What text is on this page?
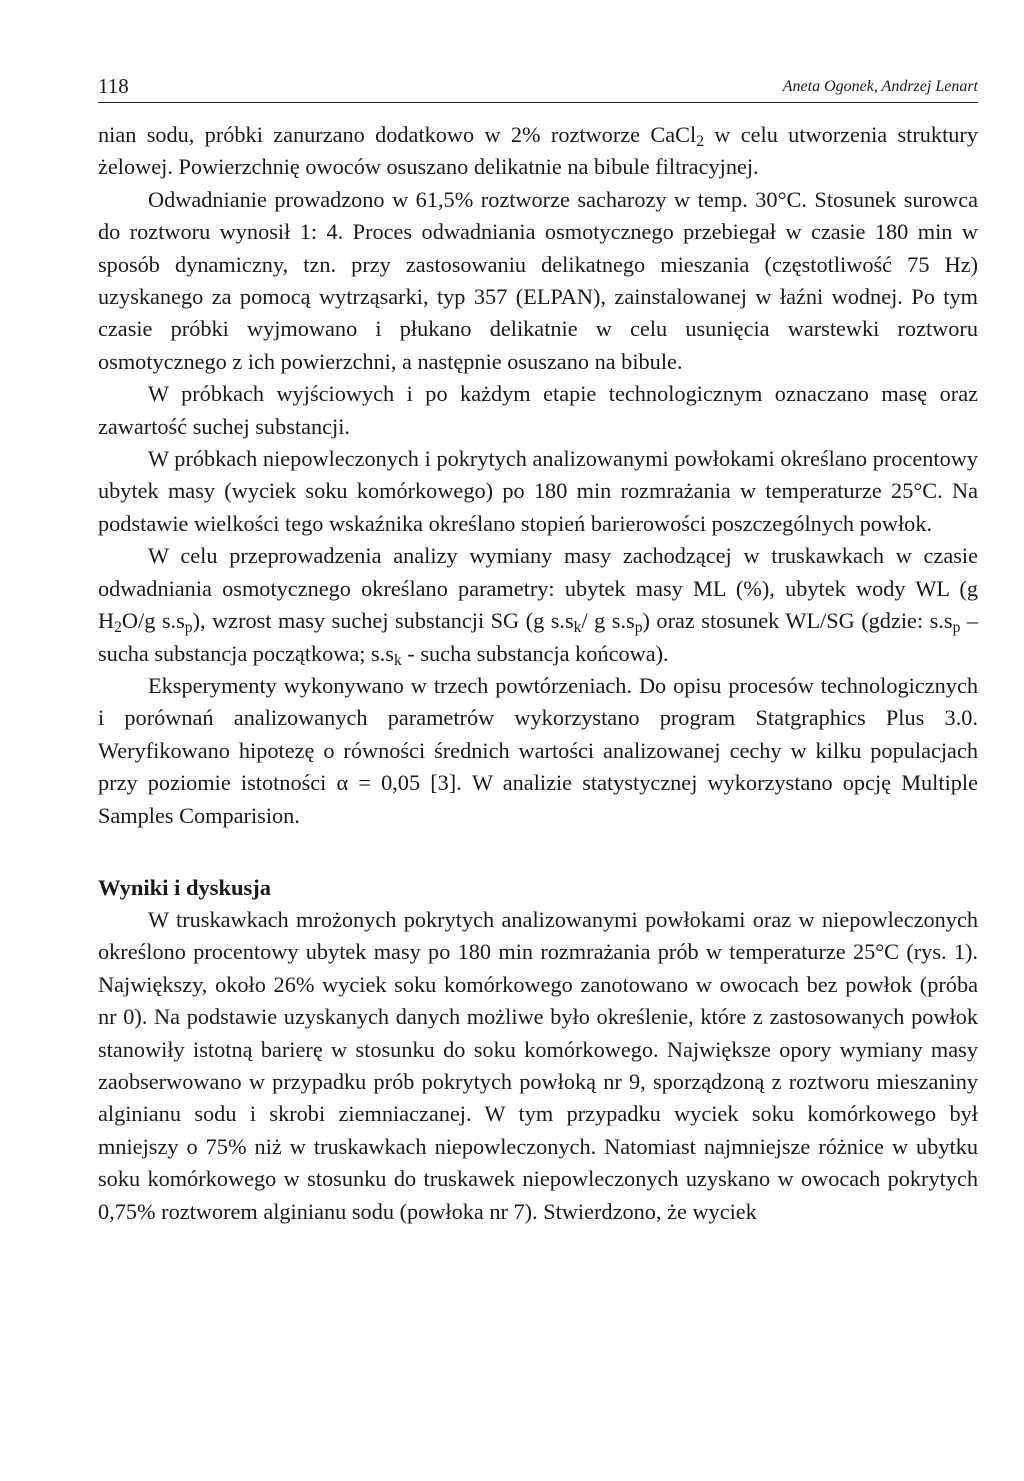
118	Aneta Ogonek, Andrzej Lenart

nian sodu, próbki zanurzano dodatkowo w 2% roztworze CaCl$_2$ w celu utworzenia struktury żelowej. Powierzchnię owoców osuszano delikatnie na bibule filtracyjnej.

Odwadnianie prowadzono w 61,5% roztworze sacharozy w temp. 30°C. Stosunek surowca do roztworu wynosił 1: 4. Proces odwadniania osmotycznego przebiegał w czasie 180 min w sposób dynamiczny, tzn. przy zastosowaniu delikatnego mieszania (częstotliwość 75 Hz) uzyskanego za pomocą wytrząsarki, typ 357 (ELPAN), zainstalowanej w łaźni wodnej. Po tym czasie próbki wyjmowano i płukano delikatnie w celu usunięcia warstewki roztworu osmotycznego z ich powierzchni, a następnie osuszano na bibule.

W próbkach wyjściowych i po każdym etapie technologicznym oznaczano masę oraz zawartość suchej substancji.

W próbkach niepowleczonych i pokrytych analizowanymi powłokami określano procentowy ubytek masy (wyciek soku komórkowego) po 180 min rozmrażania w temperaturze 25°C. Na podstawie wielkości tego wskaźnika określano stopień barierowości poszczególnych powłok.

W celu przeprowadzenia analizy wymiany masy zachodzącej w truskawkach w czasie odwadniania osmotycznego określano parametry: ubytek masy ML (%), ubytek wody WL (g $H_2O/g$ $s.s_p$), wzrost masy suchej substancji SG (g $s.s_k/$ g $s.s_p$) oraz stosunek WL/SG (gdzie: $s.s_p$ – sucha substancja początkowa; $s.s_k$ - sucha substancja końcowa).

Eksperymenty wykonywano w trzech powtórzeniach. Do opisu procesów technologicznych i porównań analizowanych parametrów wykorzystano program Statgraphics Plus 3.0. Weryfikowano hipotezę o równości średnich wartości analizowanej cechy w kilku populacjach przy poziomie istotności α = 0,05 [3]. W analizie statystycznej wykorzystano opcję Multiple Samples Comparision.

Wyniki i dyskusja

W truskawkach mrożonych pokrytych analizowanymi powłokami oraz w niepowleczonych określono procentowy ubytek masy po 180 min rozmrażania prób w temperaturze 25°C (rys. 1). Największy, około 26% wyciek soku komórkowego zanotowano w owocach bez powłok (próba nr 0). Na podstawie uzyskanych danych możliwe było określenie, które z zastosowanych powłok stanowiły istotną barierę w stosunku do soku komórkowego. Największe opory wymiany masy zaobserwowano w przypadku prób pokrytych powłoką nr 9, sporządzoną z roztworu mieszaniny alginianu sodu i skrobi ziemniaczanej. W tym przypadku wyciek soku komórkowego był mniejszy o 75% niż w truskawkach niepowleczonych. Natomiast najmniejsze różnice w ubytku soku komórkowego w stosunku do truskawek niepowleczonych uzyskano w owocach pokrytych 0,75% roztworem alginianu sodu (powłoka nr 7). Stwierdzono, że wyciek
